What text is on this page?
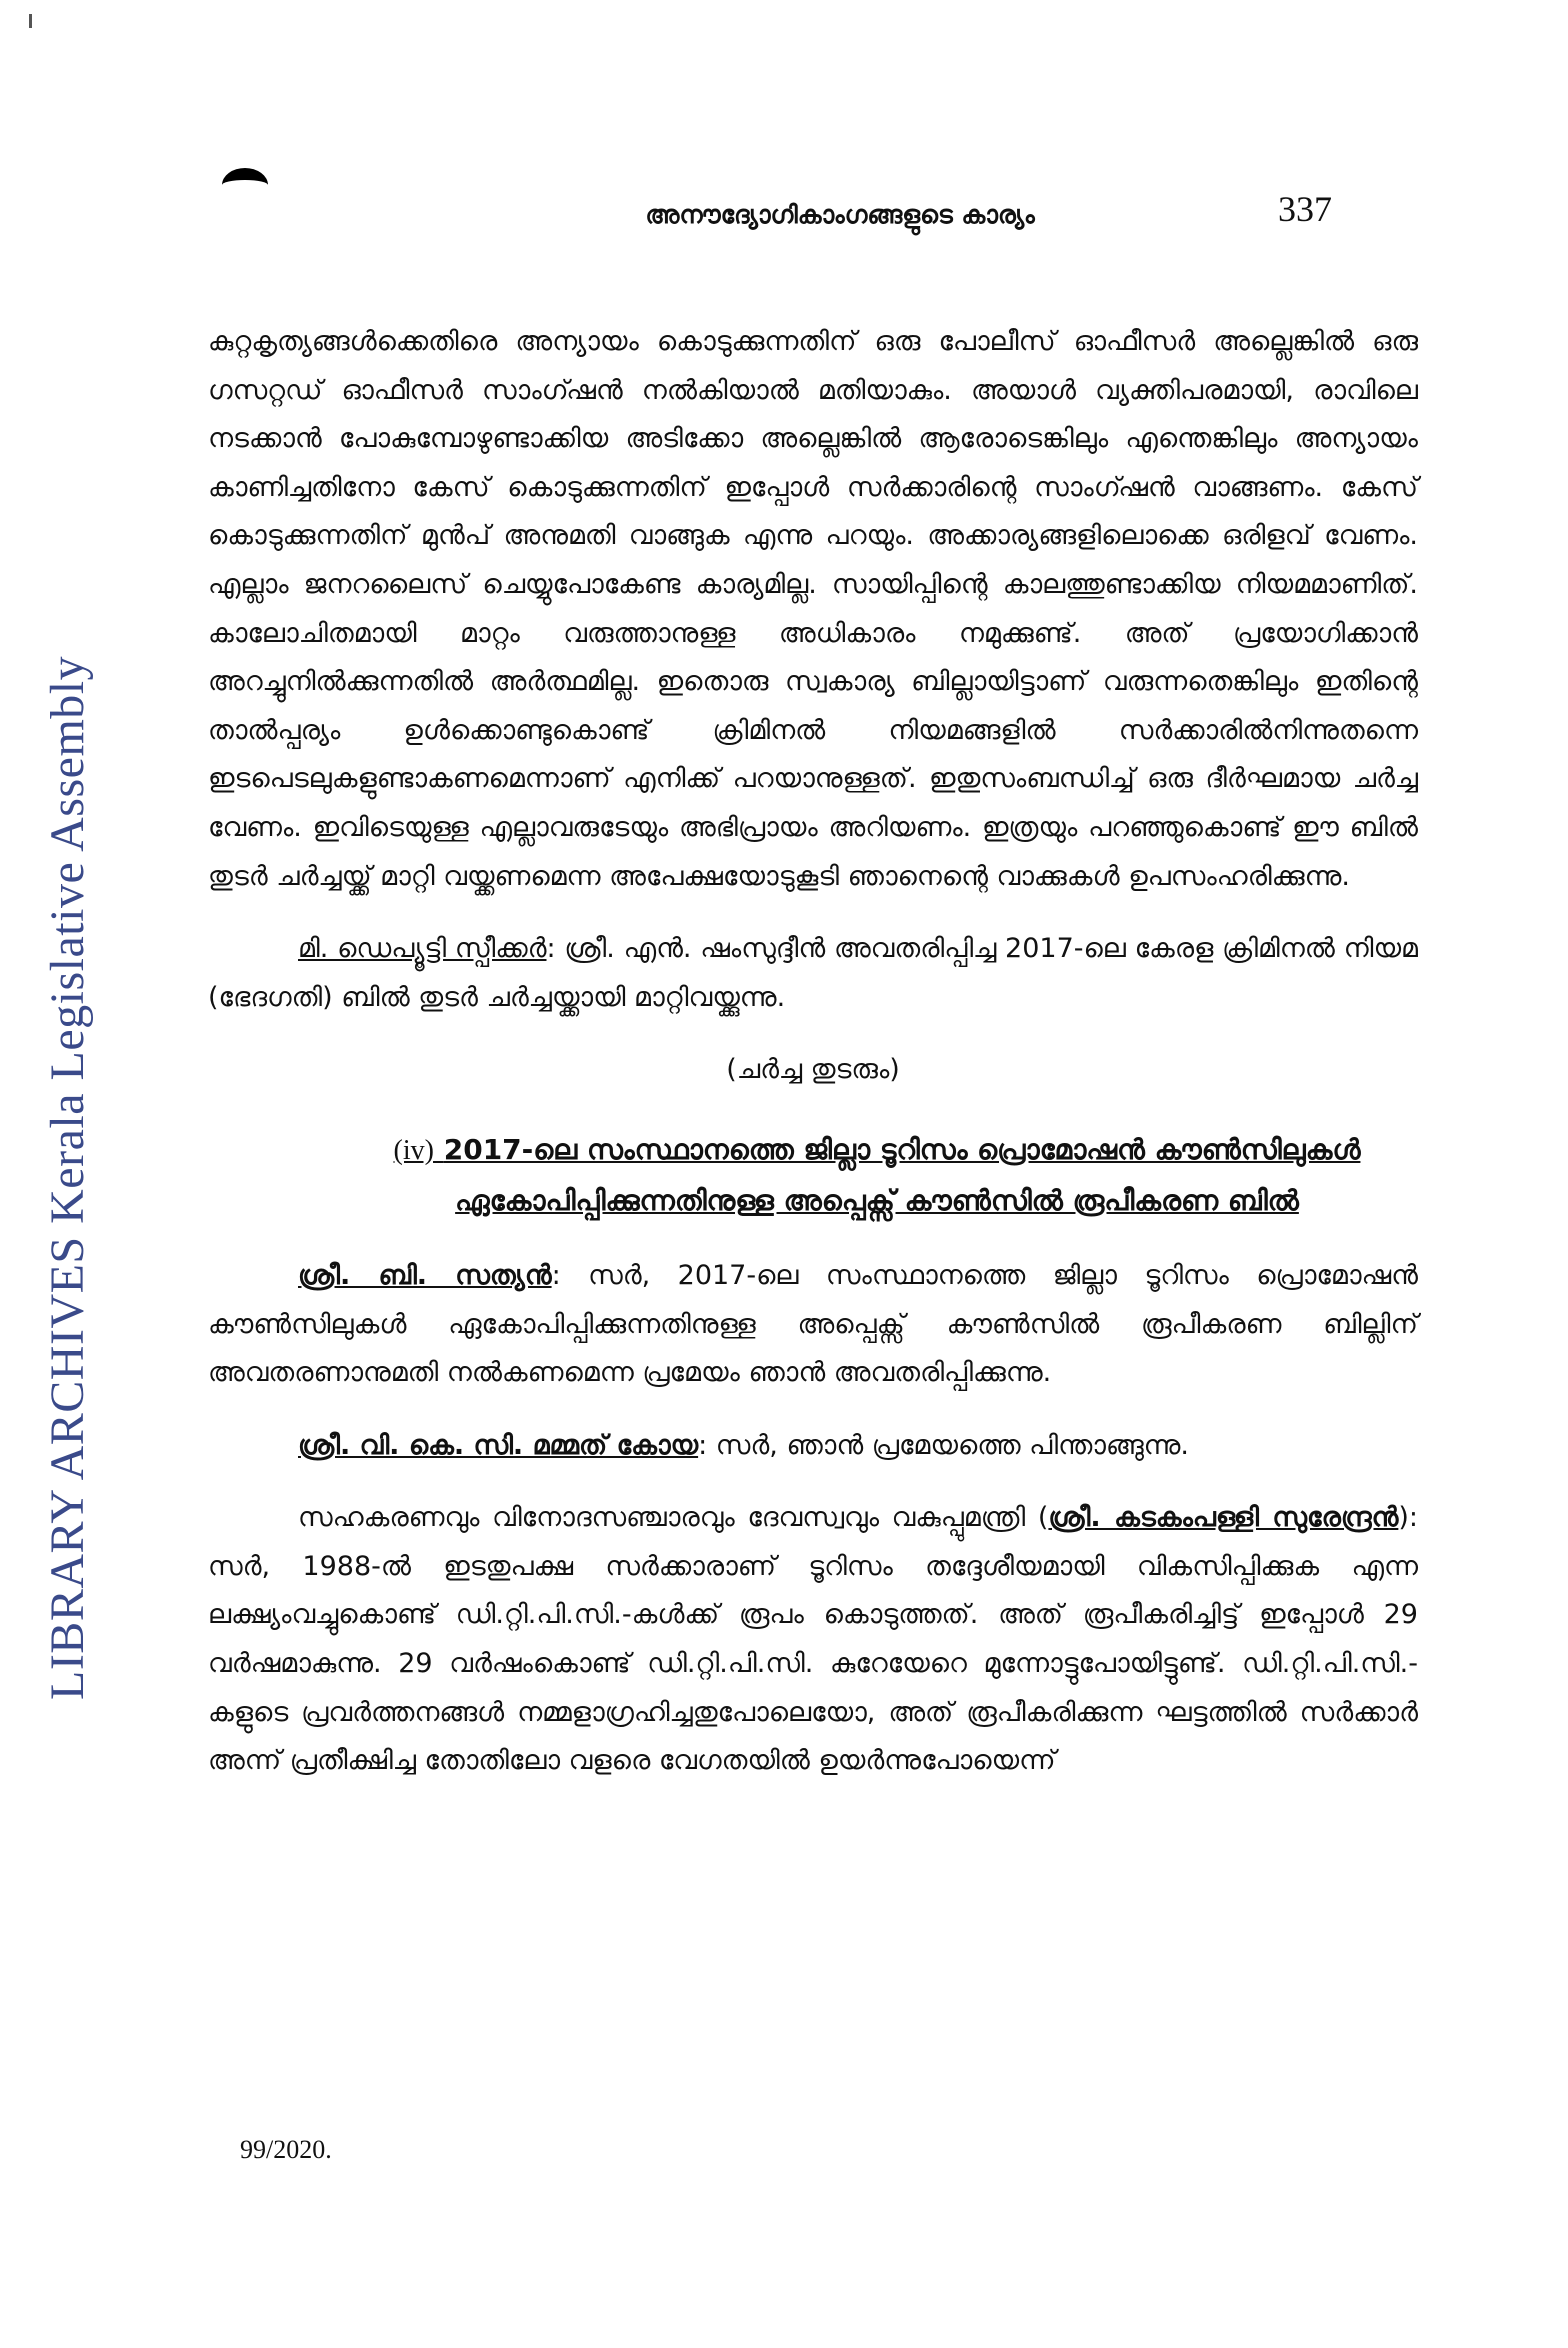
അനൗദ്യോഗികാംഗങ്ങളുടെ കാര്യം	337
LIBRARY ARCHIVES Kerala Legislative Assembly

കുറ്റകൃത്യങ്ങൾക്കെതിരെ അന്യായം കൊടുക്കുന്നതിന് ഒരു പോലീസ് ഓഫീസർ അല്ലെങ്കിൽ ഒരു ഗസറ്റഡ് ഓഫീസർ സാംഗ്ഷൻ നൽകിയാൽ മതിയാകും. അയാൾ വ്യക്തിപരമായി, രാവിലെ നടക്കാൻ പോകുമ്പോഴുണ്ടാക്കിയ അടിക്കോ അല്ലെങ്കിൽ ആരോടെങ്കിലും എന്തെങ്കിലും അന്യായം കാണിച്ചതിനോ കേസ് കൊടുക്കുന്നതിന് ഇപ്പോൾ സർക്കാരിന്റെ സാംഗ്ഷൻ വാങ്ങണം. കേസ് കൊടുക്കുന്നതിന് മുൻപ് അനുമതി വാങ്ങുക എന്നു പറയും. അക്കാര്യങ്ങളിലൊക്കെ ഒരിളവ് വേണം. എല്ലാം ജനറലൈസ് ചെയ്യുപോകേണ്ട കാര്യമില്ല. സായിപ്പിന്റെ കാലത്തുണ്ടാക്കിയ നിയമമാണിത്. കാലോചിതമായി മാറ്റം വരുത്താനുള്ള അധികാരം നമുക്കുണ്ട്. അത് പ്രയോഗിക്കാൻ അറച്ചുനിൽക്കുന്നതിൽ അർത്ഥമില്ല. ഇതൊരു സ്വകാര്യ ബില്ലായിട്ടാണ് വരുന്നതെങ്കിലും ഇതിന്റെ താൽപ്പര്യം ഉൾക്കൊണ്ടുകൊണ്ട് ക്രിമിനൽ നിയമങ്ങളിൽ സർക്കാരിൽനിന്നുതന്നെ ഇടപെടലുകളുണ്ടാകണമെന്നാണ് എനിക്ക് പറയാനുള്ളത്. ഇതുസംബന്ധിച്ച് ഒരു ദീർഘമായ ചർച്ച വേണം. ഇവിടെയുള്ള എല്ലാവരുടേയും അഭിപ്രായം അറിയണം. ഇത്രയും പറഞ്ഞുകൊണ്ട് ഈ ബിൽ തുടർ ചർച്ചയ്ക്ക് മാറ്റി വയ്ക്കണമെന്ന അപേക്ഷയോടുകൂടി ഞാനെന്റെ വാക്കുകൾ ഉപസംഹരിക്കുന്നു.

മി. ഡെപ്യൂട്ടി സ്പീക്കർ: ശ്രീ. എൻ. ഷംസുദ്ദീൻ അവതരിപ്പിച്ച 2017-ലെ കേരള ക്രിമിനൽ നിയമ (ഭേദഗതി) ബിൽ തുടർ ചർച്ചയ്ക്കായി മാറ്റിവയ്ക്കുന്നു.

(ചർച്ച തുടരും)

(iv) 2017-ലെ സംസ്ഥാനത്തെ ജില്ലാ ടൂറിസം പ്രൊമോഷൻ കൗൺസിലുകൾ
ഏകോപിപ്പിക്കുന്നതിനുള്ള അപ്പെക്സ് കൗൺസിൽ രൂപീകരണ ബിൽ

ശ്രീ. ബി. സത്യൻ: സർ, 2017-ലെ സംസ്ഥാനത്തെ ജില്ലാ ടൂറിസം പ്രൊമോഷൻ കൗൺസിലുകൾ ഏകോപിപ്പിക്കുന്നതിനുള്ള അപ്പെക്സ് കൗൺസിൽ രൂപീകരണ ബില്ലിന് അവതരണാനുമതി നൽകണമെന്ന പ്രമേയം ഞാൻ അവതരിപ്പിക്കുന്നു.

ശ്രീ. വി. കെ. സി. മമ്മത് കോയ: സർ, ഞാൻ പ്രമേയത്തെ പിന്താങ്ങുന്നു.

സഹകരണവും വിനോദസഞ്ചാരവും ദേവസ്വവും വകുപ്പുമന്ത്രി (ശ്രീ. കടകംപള്ളി സുരേന്ദ്രൻ): സർ, 1988-ൽ ഇടതുപക്ഷ സർക്കാരാണ് ടൂറിസം തദ്ദേശീയമായി വികസിപ്പിക്കുക എന്ന ലക്ഷ്യംവച്ചുകൊണ്ട് ഡി.റ്റി.പി.സി.-കൾക്ക് രൂപം കൊടുത്തത്. അത് രൂപീകരിച്ചിട്ട് ഇപ്പോൾ 29 വർഷമാകുന്നു. 29 വർഷംകൊണ്ട് ഡി.റ്റി.പി.സി. കുറേയേറെ മുന്നോട്ടുപോയിട്ടുണ്ട്. ഡി.റ്റി.പി.സി.-കളുടെ പ്രവർത്തനങ്ങൾ നമ്മളാഗ്രഹിച്ചതുപോലെയോ, അത് രൂപീകരിക്കുന്ന ഘട്ടത്തിൽ സർക്കാർ അന്ന് പ്രതീക്ഷിച്ച തോതിലോ വളരെ വേഗതയിൽ ഉയർന്നുപോയെന്ന്

99/2020.
